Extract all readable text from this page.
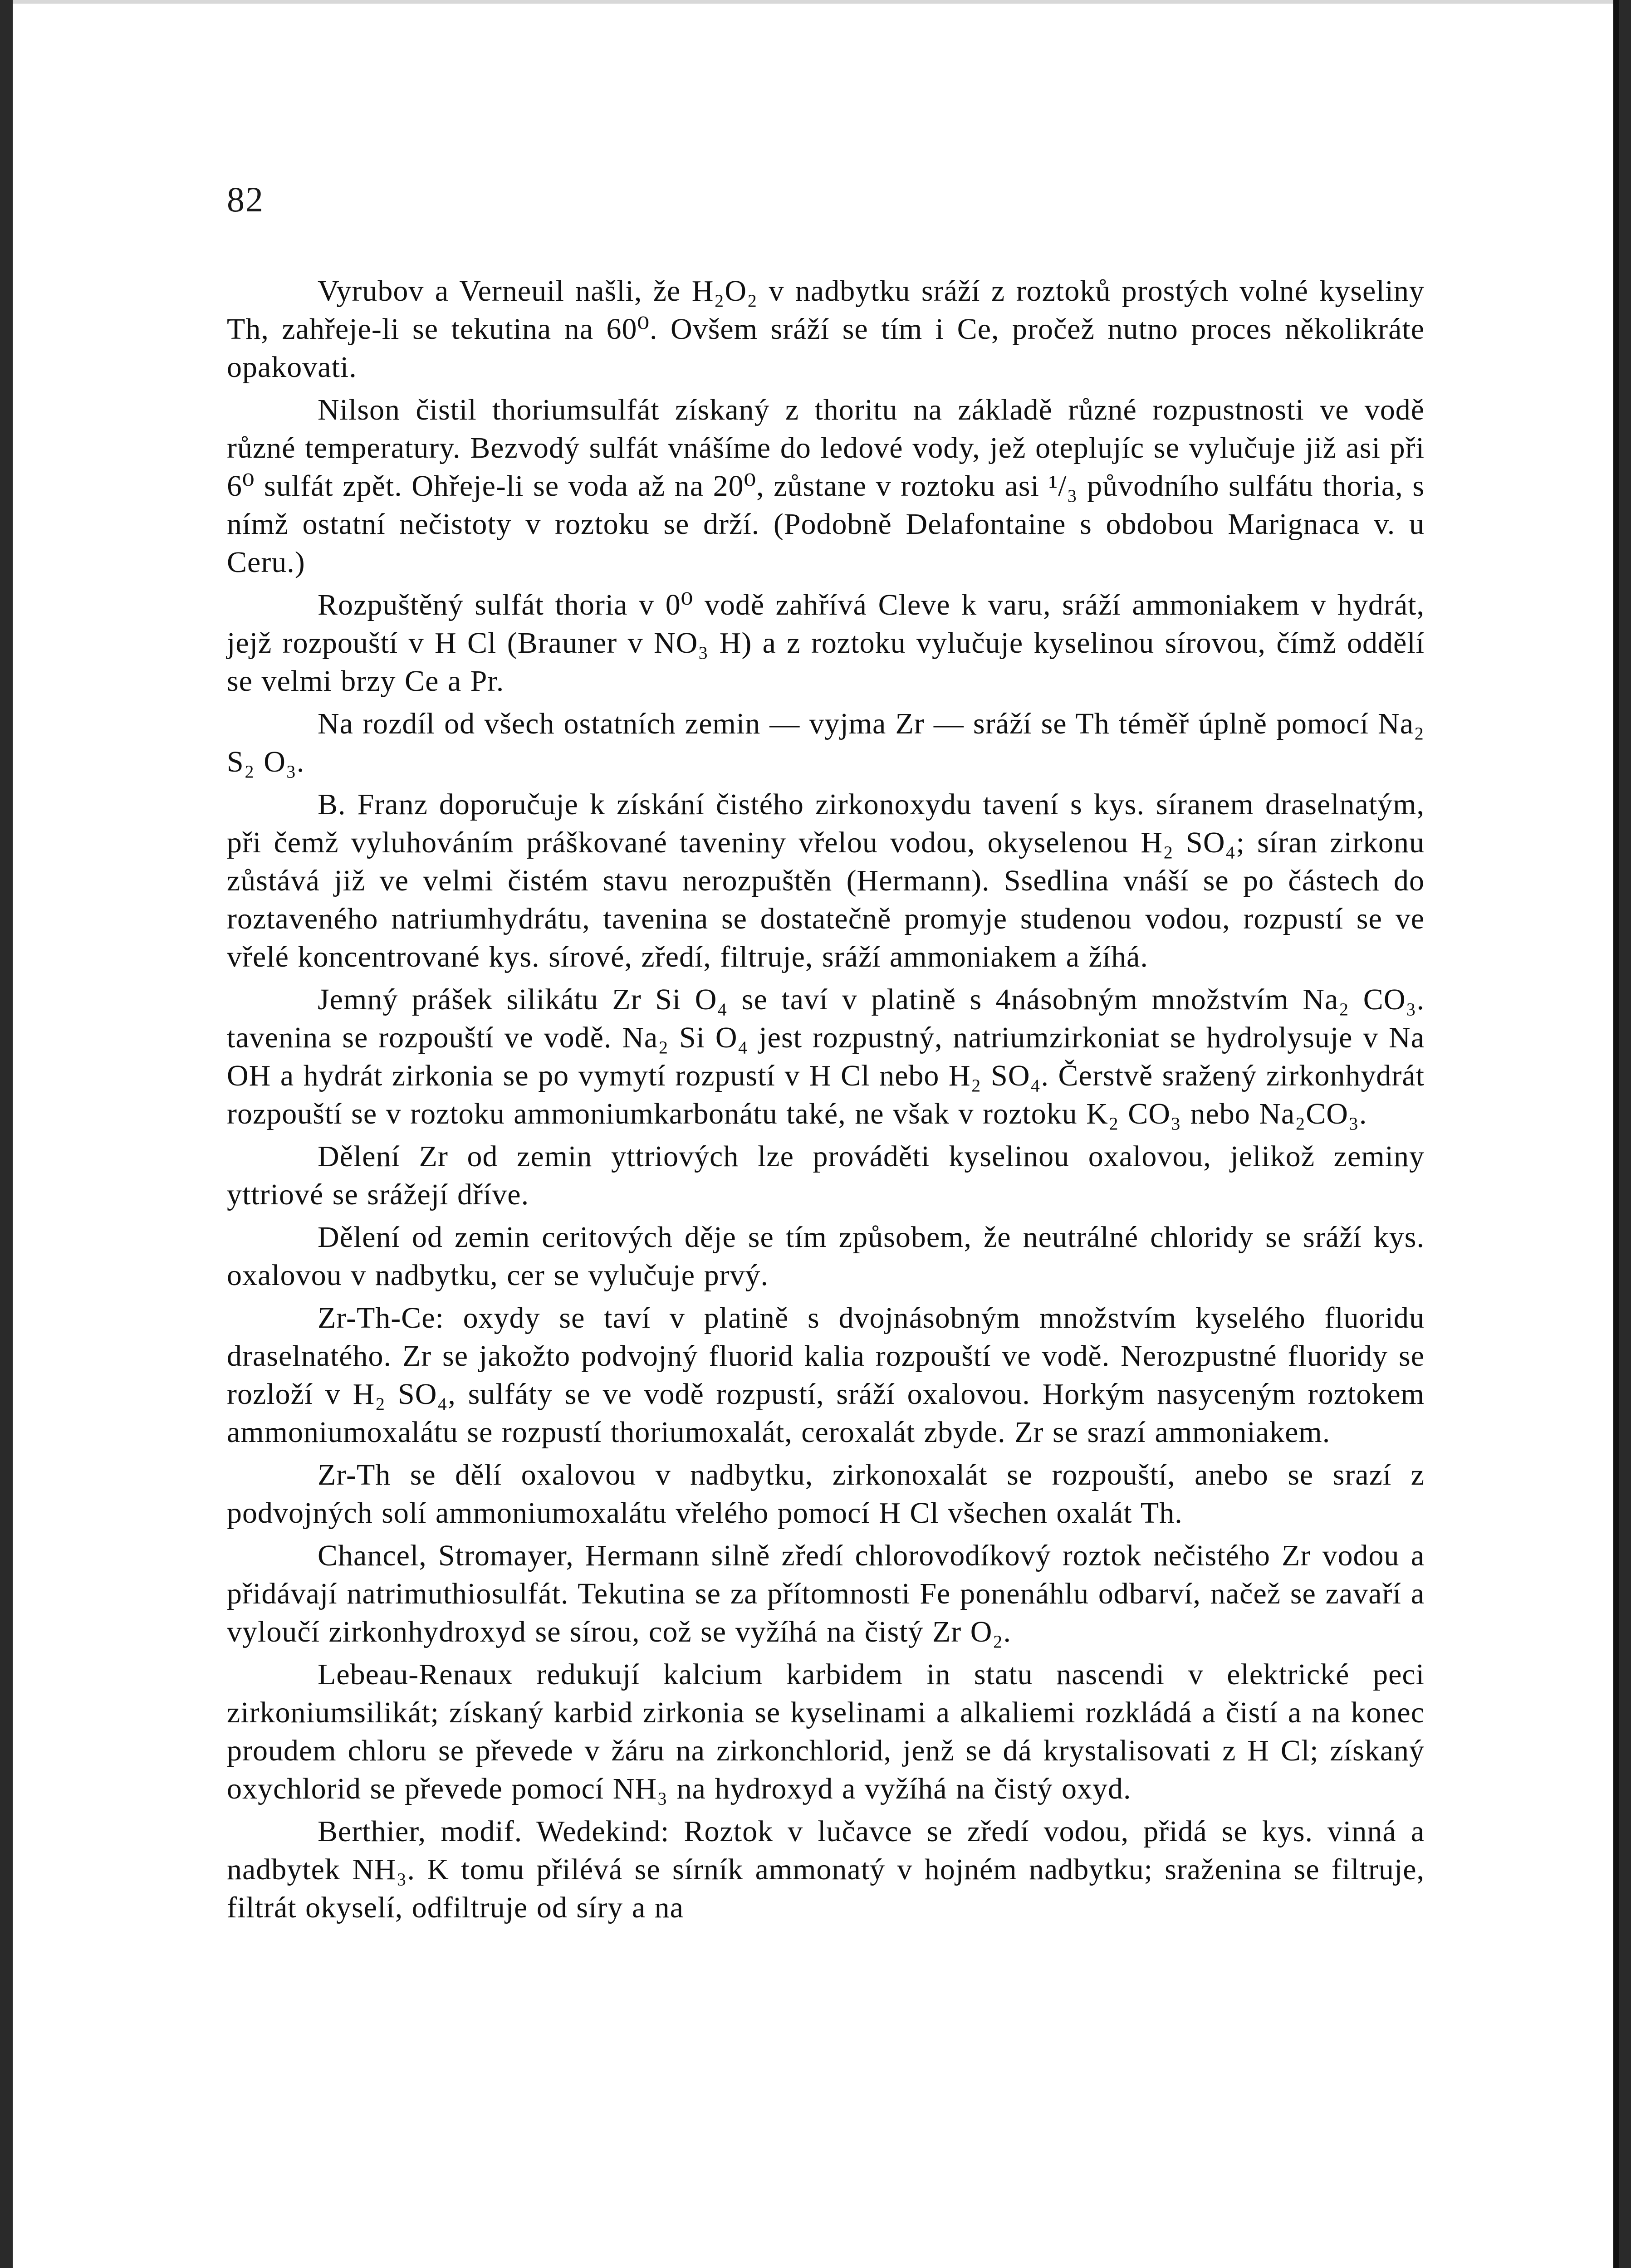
82

Vyrubov a Verneuil našli, že H₂O₂ v nadbytku sráží z roztoků prostých volné kyseliny Th, zahřeje-li se tekutina na 60⁰. Ovšem sráží se tím i Ce, pročež nutno proces několikráte opakovati.

Nilson čistil thoriumsulfát získaný z thoritu na základě různé rozpustnosti ve vodě různé temperatury. Bezvodý sulfát vnášíme do ledové vody, jež oteplujíc se vylučuje již asi při 6⁰ sulfát zpět. Ohřeje-li se voda až na 20⁰, zůstane v roztoku asi ¹/₃ původního sulfátu thoria, s nímž ostatní nečistoty v roztoku se drží. (Podobně Delafontaine s obdobou Marignaca v. u Ceru.)

Rozpuštěný sulfát thoria v 0⁰ vodě zahřívá Cleve k varu, sráží ammoniakem v hydrát, jejž rozpouští v H Cl (Brauner v NO₃ H) a z roztoku vylučuje kyselinou sírovou, čímž oddělí se velmi brzy Ce a Pr.

Na rozdíl od všech ostatních zemin — vyjma Zr — sráží se Th téměř úplně pomocí Na₂ S₂ O₃.

B. Franz doporučuje k získání čistého zirkonoxydu tavení s kys. síranem draselnatým, při čemž vyluhováním práškované taveniny vřelou vodou, okyselenou H₂ SO₄; síran zirkonu zůstává již ve velmi čistém stavu nerozpuštěn (Hermann). Ssedlina vnáší se po částech do roztaveného natriumhydrátu, tavenina se dostatečně promyje studenou vodou, rozpustí se ve vřelé koncentrované kys. sírové, zředí, filtruje, sráží ammoniakem a žíhá.

Jemný prášek silikátu Zr Si O₄ se taví v platině s 4násobným množstvím Na₂ CO₃. tavenina se rozpouští ve vodě. Na₂ Si O₄ jest rozpustný, natriumzirkoniat se hydrolysuje v Na OH a hydrát zirkonia se po vymytí rozpustí v H Cl nebo H₂ SO₄. Čerstvě sražený zirkonhydrát rozpouští se v roztoku ammoniumkarbonátu také, ne však v roztoku K₂ CO₃ nebo Na₂CO₃.

Dělení Zr od zemin yttriových lze prováděti kyselinou oxalovou, jelikož zeminy yttriové se srážejí dříve.

Dělení od zemin ceritových děje se tím způsobem, že neutrálné chloridy se sráží kys. oxalovou v nadbytku, cer se vylučuje prvý.

Zr-Th-Ce: oxydy se taví v platině s dvojnásobným množstvím kyselého fluoridu draselnatého. Zr se jakožto podvojný fluorid kalia rozpouští ve vodě. Nerozpustné fluoridy se rozloží v H₂ SO₄, sulfáty se ve vodě rozpustí, sráží oxalovou. Horkým nasyceným roztokem ammoniumoxalátu se rozpustí thoriumoxalát, ceroxalát zbyde. Zr se srazí ammoniakem.

Zr-Th se dělí oxalovou v nadbytku, zirkonoxalát se rozpouští, anebo se srazí z podvojných solí ammoniumoxalátu vřelého pomocí H Cl všechen oxalát Th.

Chancel, Stromayer, Hermann silně zředí chlorovodíkový roztok nečistého Zr vodou a přidávají natrimuthiosulfát. Tekutina se za přítomnosti Fe ponenáhlu odbarví, načež se zavaří a vyloučí zirkonhydroxyd se sírou, což se vyžíhá na čistý Zr O₂.

Lebeau-Renaux redukují kalcium karbidem in statu nascendi v elektrické peci zirkoniumsilikát; získaný karbid zirkonia se kyselinami a alkaliemi rozkládá a čistí a na konec proudem chloru se převede v žáru na zirkonchlorid, jenž se dá krystalisovati z H Cl; získaný oxychlorid se převede pomocí NH₃ na hydroxyd a vyžíhá na čistý oxyd.

Berthier, modif. Wedekind: Roztok v lučavce se zředí vodou, přidá se kys. vinná a nadbytek NH₃. K tomu přilévá se sírník ammonatý v hojném nadbytku; sraženina se filtruje, filtrát okyselí, odfiltruje od síry a na
